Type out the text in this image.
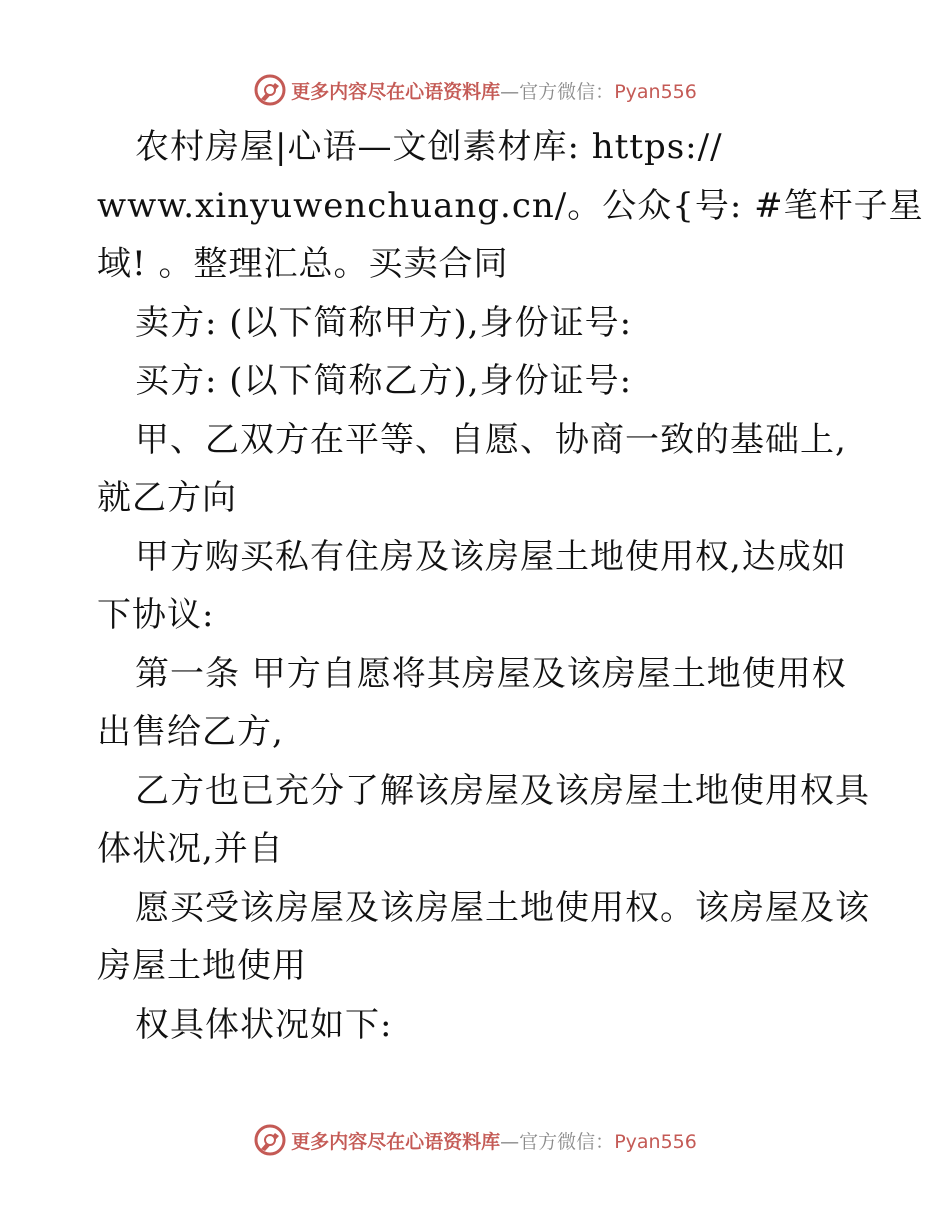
更多内容尽在心语资料库—官方微信：Pyan556
农村房屋|心语—文创素材库: https://
www.xinyuwenchuang.cn/。公众{号: #笔杆子星
域! 。整理汇总。买卖合同
卖方: (以下简称甲方),身份证号:
买方: (以下简称乙方),身份证号:
甲、乙双方在平等、自愿、协商一致的基础上,
就乙方向
甲方购买私有住房及该房屋土地使用权,达成如
下协议:
第一条 甲方自愿将其房屋及该房屋土地使用权
出售给乙方,
乙方也已充分了解该房屋及该房屋土地使用权具
体状况,并自
愿买受该房屋及该房屋土地使用权。该房屋及该
房屋土地使用
权具体状况如下:
更多内容尽在心语资料库—官方微信：Pyan556
